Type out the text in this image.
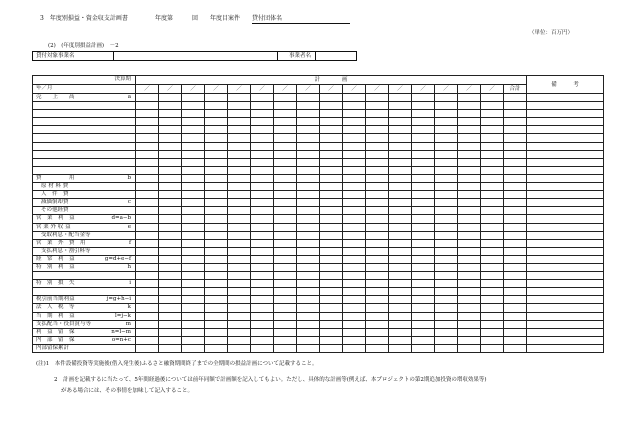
3　年度別損益・資金収支計画書	年度第	回 年度目案件 貸付団体名
（単位：百万円）
(2)　(年度別損益計画)　－2
貸付対象事業名	事業者名
決算期	計　　　　画																	備　　　考

年／月	／	／	／	／	／	／	／	／	／	／	／	／	／	／	／	／	合計	

売　　上　　高 a																		

費　　　　　用 b																		

原 材 料 費																		

人　件　費																		

減価償却費 c																		

その他経費																		

営　業　利　益 d=a−b																		

営 業 外 収 益 e																		

受取利息・配当金等																		

営　業　外　費　用 f																		

支払利息・割引料等																		

経　常　利　益 g=d+e−f																		

特　別　利　益 h																		

特　別　損　失 i																		

税引前当期利益 j=g+h−i																		

法　人　税　等 k																		

当　期　利　益 l=j−k																		

支払配当・役員賞与等 m																		

利　益　留　保 n=l−m																		

内　部　留　保 o=n+c																		

内部留保累計																		

(注)1　本件設備投資等実施後(借入発生後)ふるさと融資期間終了までの全期間の損益計画について記載すること。
2　計画を記載するに当たって、5年間経過後については前年同額で計画額を記入してもよい。ただし、具体的な計画等(例えば、本プロジェクトの第2期追加投資の増収効果等)
がある場合には、その事情を加味して記入すること。
